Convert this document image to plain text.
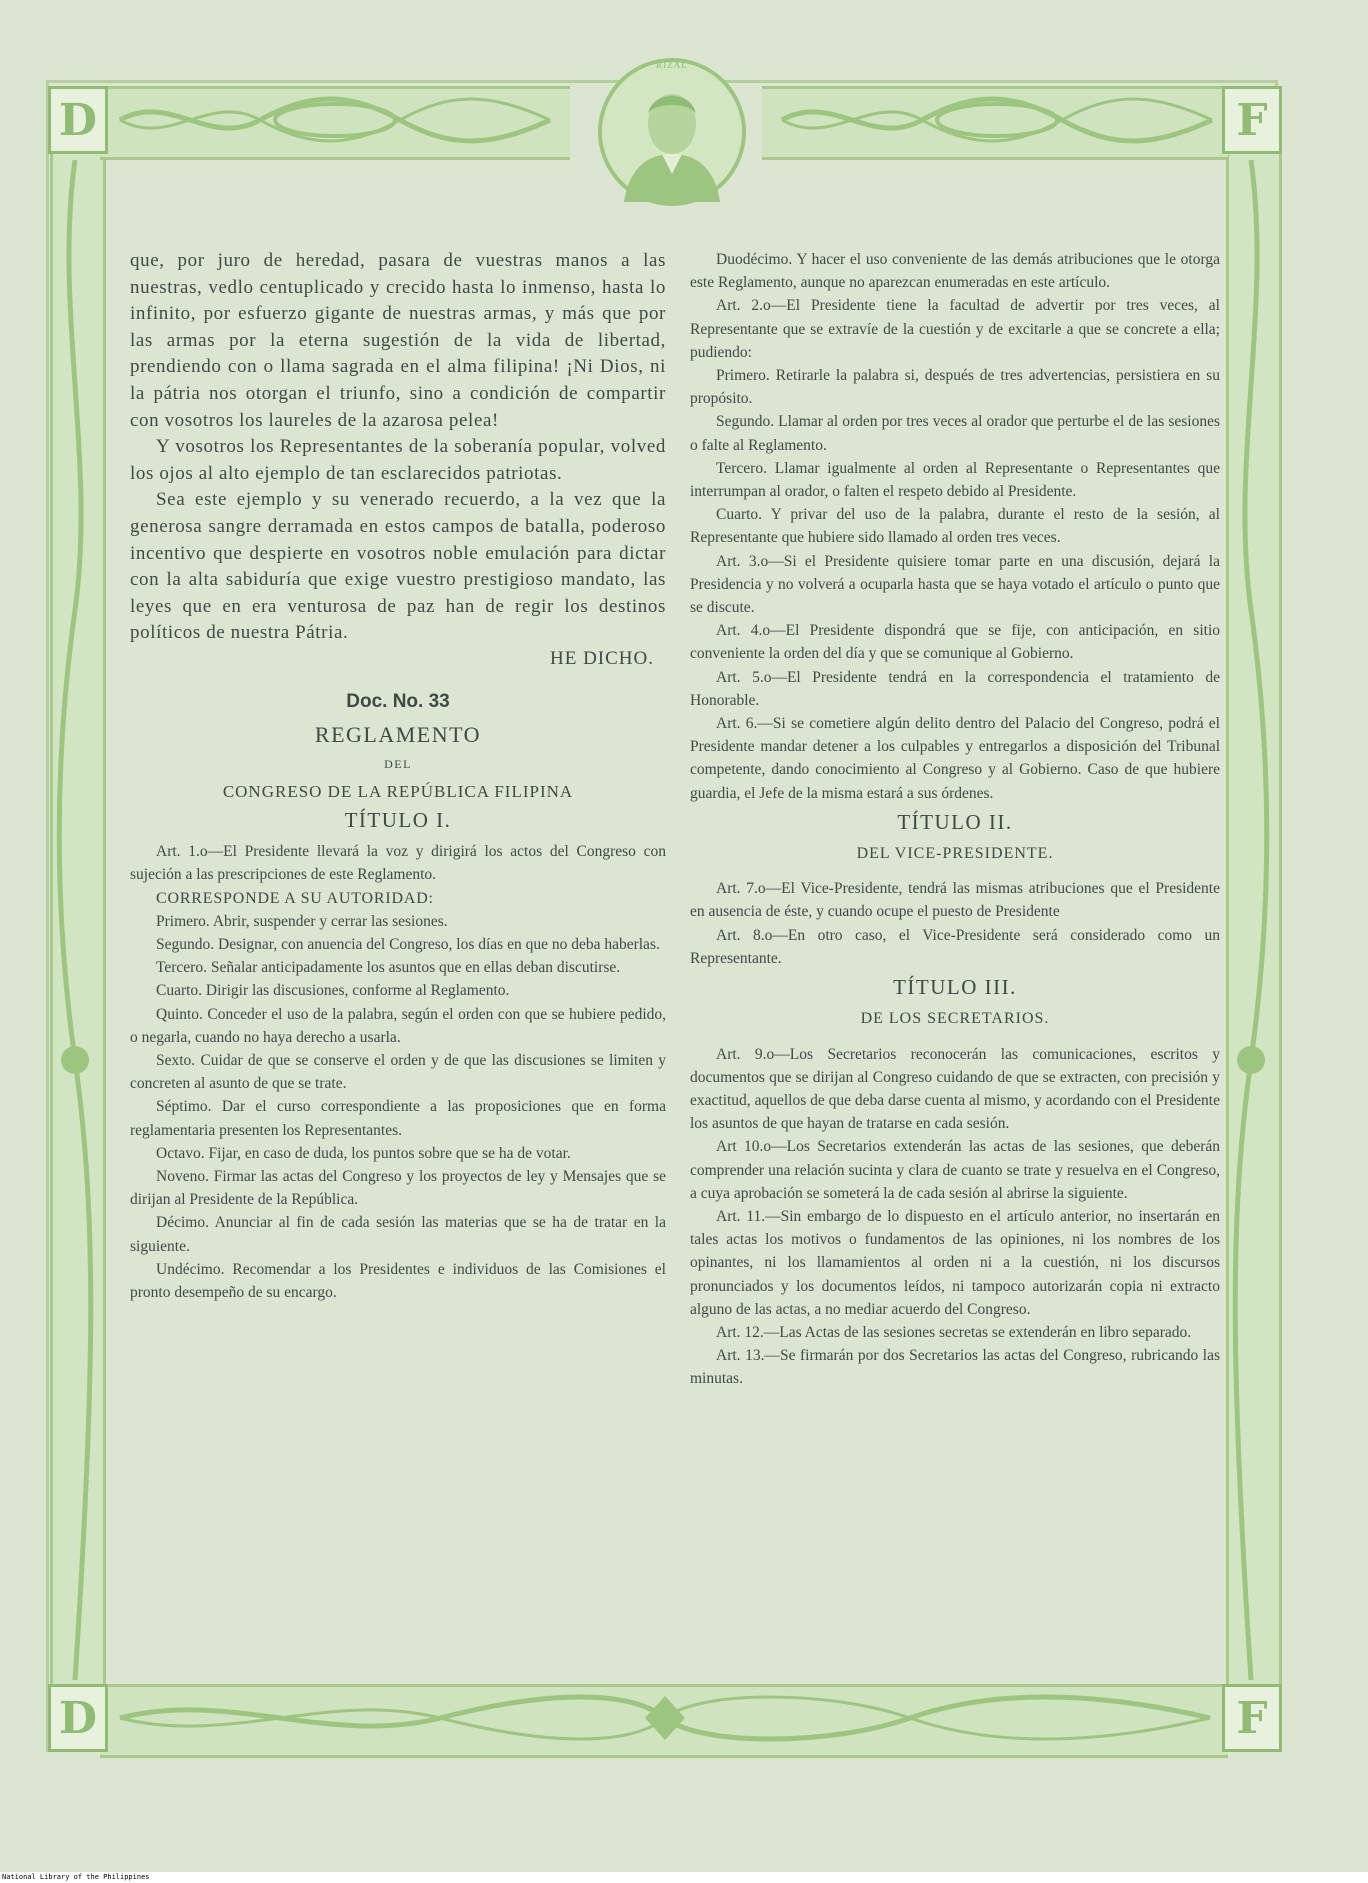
D	F
D	F
RIZAL

que, por juro de heredad, pasara de vuestras manos a las nuestras, vedlo centuplicado y crecido hasta lo inmenso, hasta lo infinito, por esfuerzo gigante de nuestras armas, y más que por las armas por la eterna sugestión de la vida de libertad, prendiendo con o llama sagrada en el alma filipina! ¡Ni Dios, ni la pátria nos otorgan el triunfo, sino a condición de compartir con vosotros los laureles de la azarosa pelea!

Y vosotros los Representantes de la soberanía popular, volved los ojos al alto ejemplo de tan esclarecidos patriotas.

Sea este ejemplo y su venerado recuerdo, a la vez que la generosa sangre derramada en estos campos de batalla, poderoso incentivo que despierte en vosotros noble emulación para dictar con la alta sabiduría que exige vuestro prestigioso mandato, las leyes que en era venturosa de paz han de regir los destinos políticos de nuestra Pátria.

HE DICHO.
Doc. No. 33
REGLAMENTO
DEL
CONGRESO DE LA REPÚBLICA FILIPINA
TÍTULO I.

Art. 1.o—El Presidente llevará la voz y dirigirá los actos del Congreso con sujeción a las prescripciones de este Reglamento.

CORRESPONDE A SU AUTORIDAD:

Primero. Abrir, suspender y cerrar las sesiones.

Segundo. Designar, con anuencia del Congreso, los días en que no deba haberlas.

Tercero. Señalar anticipadamente los asuntos que en ellas deban discutirse.

Cuarto. Dirigir las discusiones, conforme al Reglamento.

Quinto. Conceder el uso de la palabra, según el orden con que se hubiere pedido, o negarla, cuando no haya derecho a usarla.

Sexto. Cuidar de que se conserve el orden y de que las discusiones se limiten y concreten al asunto de que se trate.

Séptimo. Dar el curso correspondiente a las proposiciones que en forma reglamentaria presenten los Representantes.

Octavo. Fijar, en caso de duda, los puntos sobre que se ha de votar.

Noveno. Firmar las actas del Congreso y los proyectos de ley y Mensajes que se dirijan al Presidente de la República.

Décimo. Anunciar al fin de cada sesión las materias que se ha de tratar en la siguiente.

Undécimo. Recomendar a los Presidentes e individuos de las Comisiones el pronto desempeño de su encargo.

Duodécimo. Y hacer el uso conveniente de las demás atribuciones que le otorga este Reglamento, aunque no aparezcan enumeradas en este artículo.

Art. 2.o—El Presidente tiene la facultad de advertir por tres veces, al Representante que se extravíe de la cuestión y de excitarle a que se concrete a ella; pudiendo:

Primero. Retirarle la palabra si, después de tres advertencias, persistiera en su propósito.

Segundo. Llamar al orden por tres veces al orador que perturbe el de las sesiones o falte al Reglamento.

Tercero. Llamar igualmente al orden al Representante o Representantes que interrumpan al orador, o falten el respeto debido al Presidente.

Cuarto. Y privar del uso de la palabra, durante el resto de la sesión, al Representante que hubiere sido llamado al orden tres veces.

Art. 3.o—Si el Presidente quisiere tomar parte en una discusión, dejará la Presidencia y no volverá a ocuparla hasta que se haya votado el artículo o punto que se discute.

Art. 4.o—El Presidente dispondrá que se fije, con anticipación, en sitio conveniente la orden del día y que se comunique al Gobierno.

Art. 5.o—El Presidente tendrá en la correspondencia el tratamiento de Honorable.

Art. 6.—Si se cometiere algún delito dentro del Palacio del Congreso, podrá el Presidente mandar detener a los culpables y entregarlos a disposición del Tribunal competente, dando conocimiento al Congreso y al Gobierno. Caso de que hubiere guardia, el Jefe de la misma estará a sus órdenes.

TÍTULO II.
DEL VICE-PRESIDENTE.

Art. 7.o—El Vice-Presidente, tendrá las mismas atribuciones que el Presidente en ausencia de éste, y cuando ocupe el puesto de Presidente

Art. 8.o—En otro caso, el Vice-Presidente será considerado como un Representante.

TÍTULO III.
DE LOS SECRETARIOS.

Art. 9.o—Los Secretarios reconocerán las comunicaciones, escritos y documentos que se dirijan al Congreso cuidando de que se extracten, con precisión y exactitud, aquellos de que deba darse cuenta al mismo, y acordando con el Presidente los asuntos de que hayan de tratarse en cada sesión.

Art 10.o—Los Secretarios extenderán las actas de las sesiones, que deberán comprender una relación sucinta y clara de cuanto se trate y resuelva en el Congreso, a cuya aprobación se someterá la de cada sesión al abrirse la siguiente.

Art. 11.—Sin embargo de lo dispuesto en el artículo anterior, no insertarán en tales actas los motivos o fundamentos de las opiniones, ni los nombres de los opinantes, ni los llamamientos al orden ni a la cuestión, ni los discursos pronunciados y los documentos leídos, ni tampoco autorizarán copia ni extracto alguno de las actas, a no mediar acuerdo del Congreso.

Art. 12.—Las Actas de las sesiones secretas se extenderán en libro separado.

Art. 13.—Se firmarán por dos Secretarios las actas del Congreso, rubricando las minutas.

National Library of the Philippines
